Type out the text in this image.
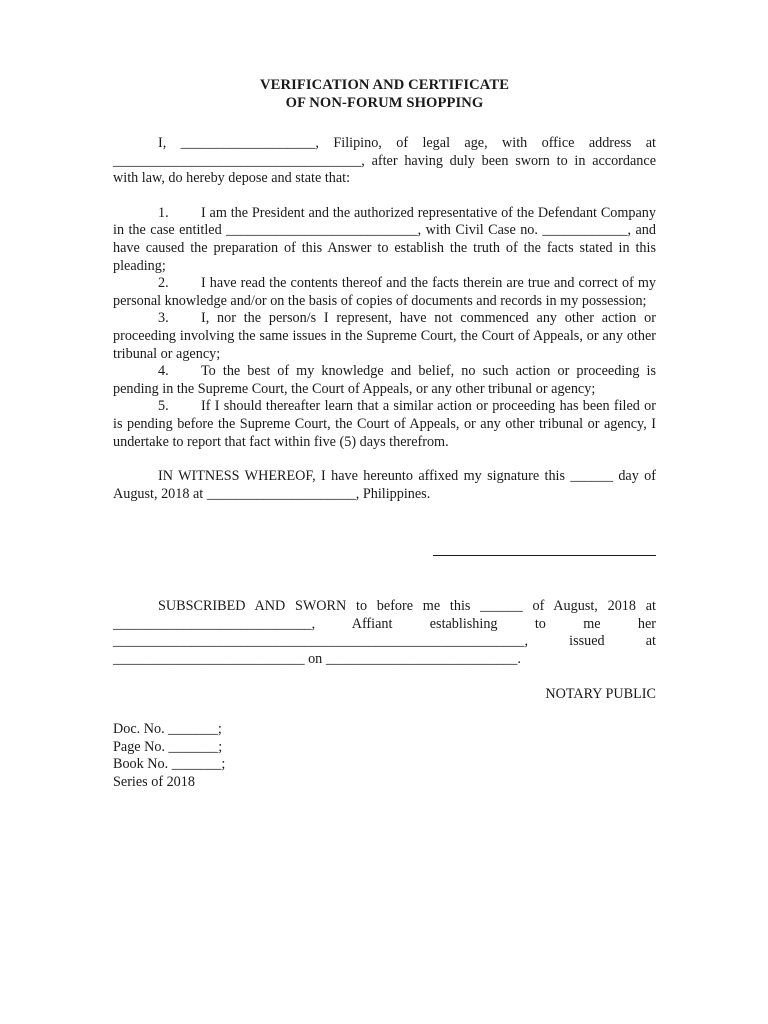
VERIFICATION AND CERTIFICATE
OF NON-FORUM SHOPPING

I, ___________________, Filipino, of legal age, with office address at ___________________________________, after having duly been sworn to in accordance with law, do hereby depose and state that:

1. I am the President and the authorized representative of the Defendant Company in the case entitled ___________________________, with Civil Case no. ____________, and have caused the preparation of this Answer to establish the truth of the facts stated in this pleading;

2. I have read the contents thereof and the facts therein are true and correct of my personal knowledge and/or on the basis of copies of documents and records in my possession;

3. I, nor the person/s I represent, have not commenced any other action or proceeding involving the same issues in the Supreme Court, the Court of Appeals, or any other tribunal or agency;

4. To the best of my knowledge and belief, no such action or proceeding is pending in the Supreme Court, the Court of Appeals, or any other tribunal or agency;

5. If I should thereafter learn that a similar action or proceeding has been filed or is pending before the Supreme Court, the Court of Appeals, or any other tribunal or agency, I undertake to report that fact within five (5) days therefrom.

IN WITNESS WHEREOF, I have hereunto affixed my signature this ______ day of August, 2018 at _____________________, Philippines.

SUBSCRIBED AND SWORN to before me this ______ of August, 2018 at ____________________________, Affiant establishing to me her __________________________________________________________, issued at ___________________________ on ___________________________.

NOTARY PUBLIC

Doc. No. _______;
Page No. _______;
Book No. _______;
Series of 2018
